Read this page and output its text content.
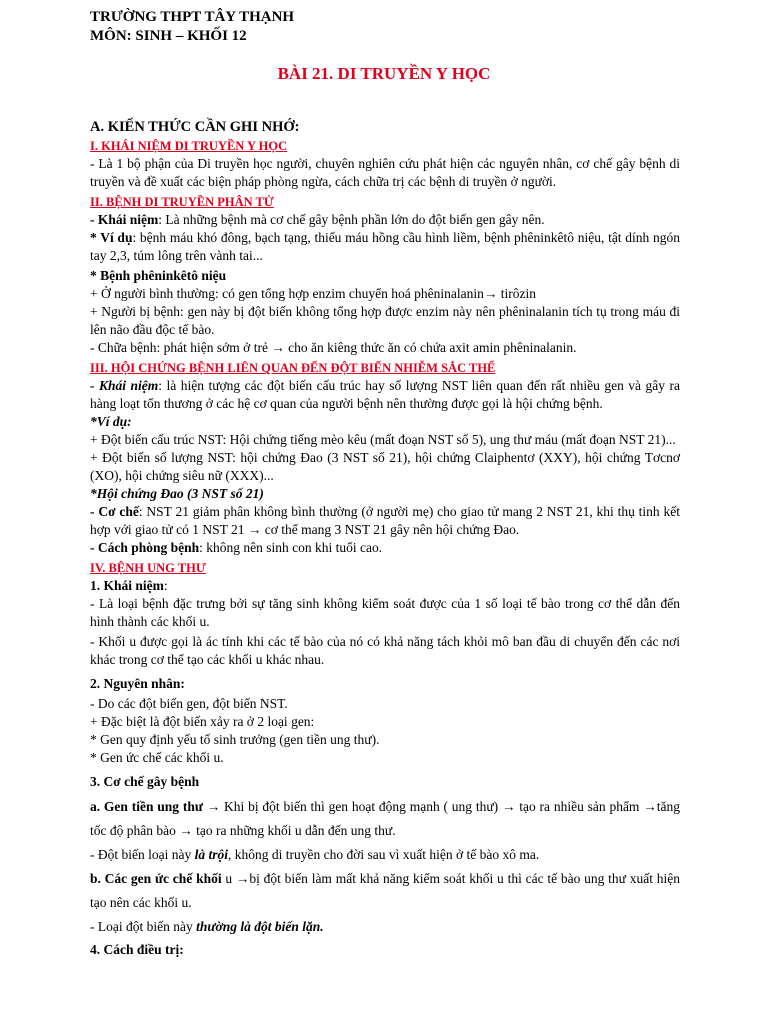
TRƯỜNG THPT TÂY THẠNH
MÔN: SINH – KHỐI 12
BÀI 21. DI TRUYỀN Y HỌC

A. KIẾN THỨC CẦN GHI NHỚ:

I. KHÁI NIỆM DI TRUYỀN Y HỌC

- Là 1 bộ phận của Di truyền học người, chuyên nghiên cứu phát hiện các nguyên nhân, cơ chế gây bệnh di truyền và đề xuất các biện pháp phòng ngừa, cách chữa trị các bệnh di truyền ở người.

II. BỆNH DI TRUYỀN PHÂN TỬ

- Khái niệm: Là những bệnh mà cơ chế gây bệnh phần lớn do đột biến gen gây nên.

* Ví dụ: bệnh máu khó đông, bạch tạng, thiếu máu hồng cầu hình liềm, bệnh phêninkêtô niệu, tật dính ngón tay 2,3, túm lông trên vành tai...

* Bệnh phêninkêtô niệu

+ Ở người bình thường: có gen tổng hợp enzim chuyển hoá phêninalanin→ tirôzin

+ Người bị bệnh: gen này bị đột biến không tổng hợp được enzim này nên phêninalanin tích tụ trong máu đi lên não đầu độc tế bào.

- Chữa bệnh: phát hiện sớm ở trẻ → cho ăn kiêng thức ăn có chứa axit amin phêninalanin.

III. HỘI CHỨNG BỆNH LIÊN QUAN ĐẾN ĐỘT BIẾN NHIỄM SẮC THỂ

- Khái niệm: là hiện tượng các đột biến cấu trúc hay số lượng NST liên quan đến rất nhiều gen và gây ra hàng loạt tổn thương ở các hệ cơ quan của người bệnh nên thường được gọi là hội chứng bệnh.

*Ví dụ:

+ Đột biến cấu trúc NST: Hội chứng tiếng mèo kêu (mất đoạn NST số 5), ung thư máu (mất đoạn NST 21)...

+ Đột biến số lượng NST: hội chứng Đao (3 NST số 21), hội chứng Claiphentơ (XXY), hội chứng Tơcnơ (XO), hội chứng siêu nữ (XXX)...

*Hội chứng Đao (3 NST số 21)

- Cơ chế: NST 21 giảm phân không bình thường (ở người mẹ) cho giao tử mang 2 NST 21, khi thụ tinh kết hợp với giao tử có 1 NST 21 → cơ thể mang 3 NST 21 gây nên hội chứng Đao.

- Cách phòng bệnh: không nên sinh con khi tuổi cao.

IV. BỆNH UNG THƯ

1. Khái niệm:

- Là loại bệnh đặc trưng bởi sự tăng sinh không kiểm soát được của 1 số loại tế bào trong cơ thể dẫn đến hình thành các khối u.

- Khối u được gọi là ác tính khi các tế bào của nó có khả năng tách khỏi mô ban đầu di chuyển đến các nơi khác trong cơ thể tạo các khối u khác nhau.

2. Nguyên nhân:

- Do các đột biến gen, đột biến NST.

+ Đặc biệt là đột biến xảy ra ở 2 loại gen:

* Gen quy định yếu tố sinh trưởng (gen tiền ung thư).

* Gen ức chế các khối u.

3. Cơ chế gây bệnh

a. Gen tiền ung thư → Khi bị đột biến thì gen hoạt động mạnh ( ung thư) → tạo ra nhiều sản phẩm →tăng tốc độ phân bào → tạo ra những khối u dẫn đến ung thư.

- Đột biến loại này là trội, không di truyền cho đời sau vì xuất hiện ở tế bào xô ma.

b. Các gen ức chế khối u →bị đột biến làm mất khả năng kiểm soát khối u thì các tế bào ung thư xuất hiện tạo nên các khối u.

- Loại đột biến này thường là đột biến lặn.

4. Cách điều trị:
